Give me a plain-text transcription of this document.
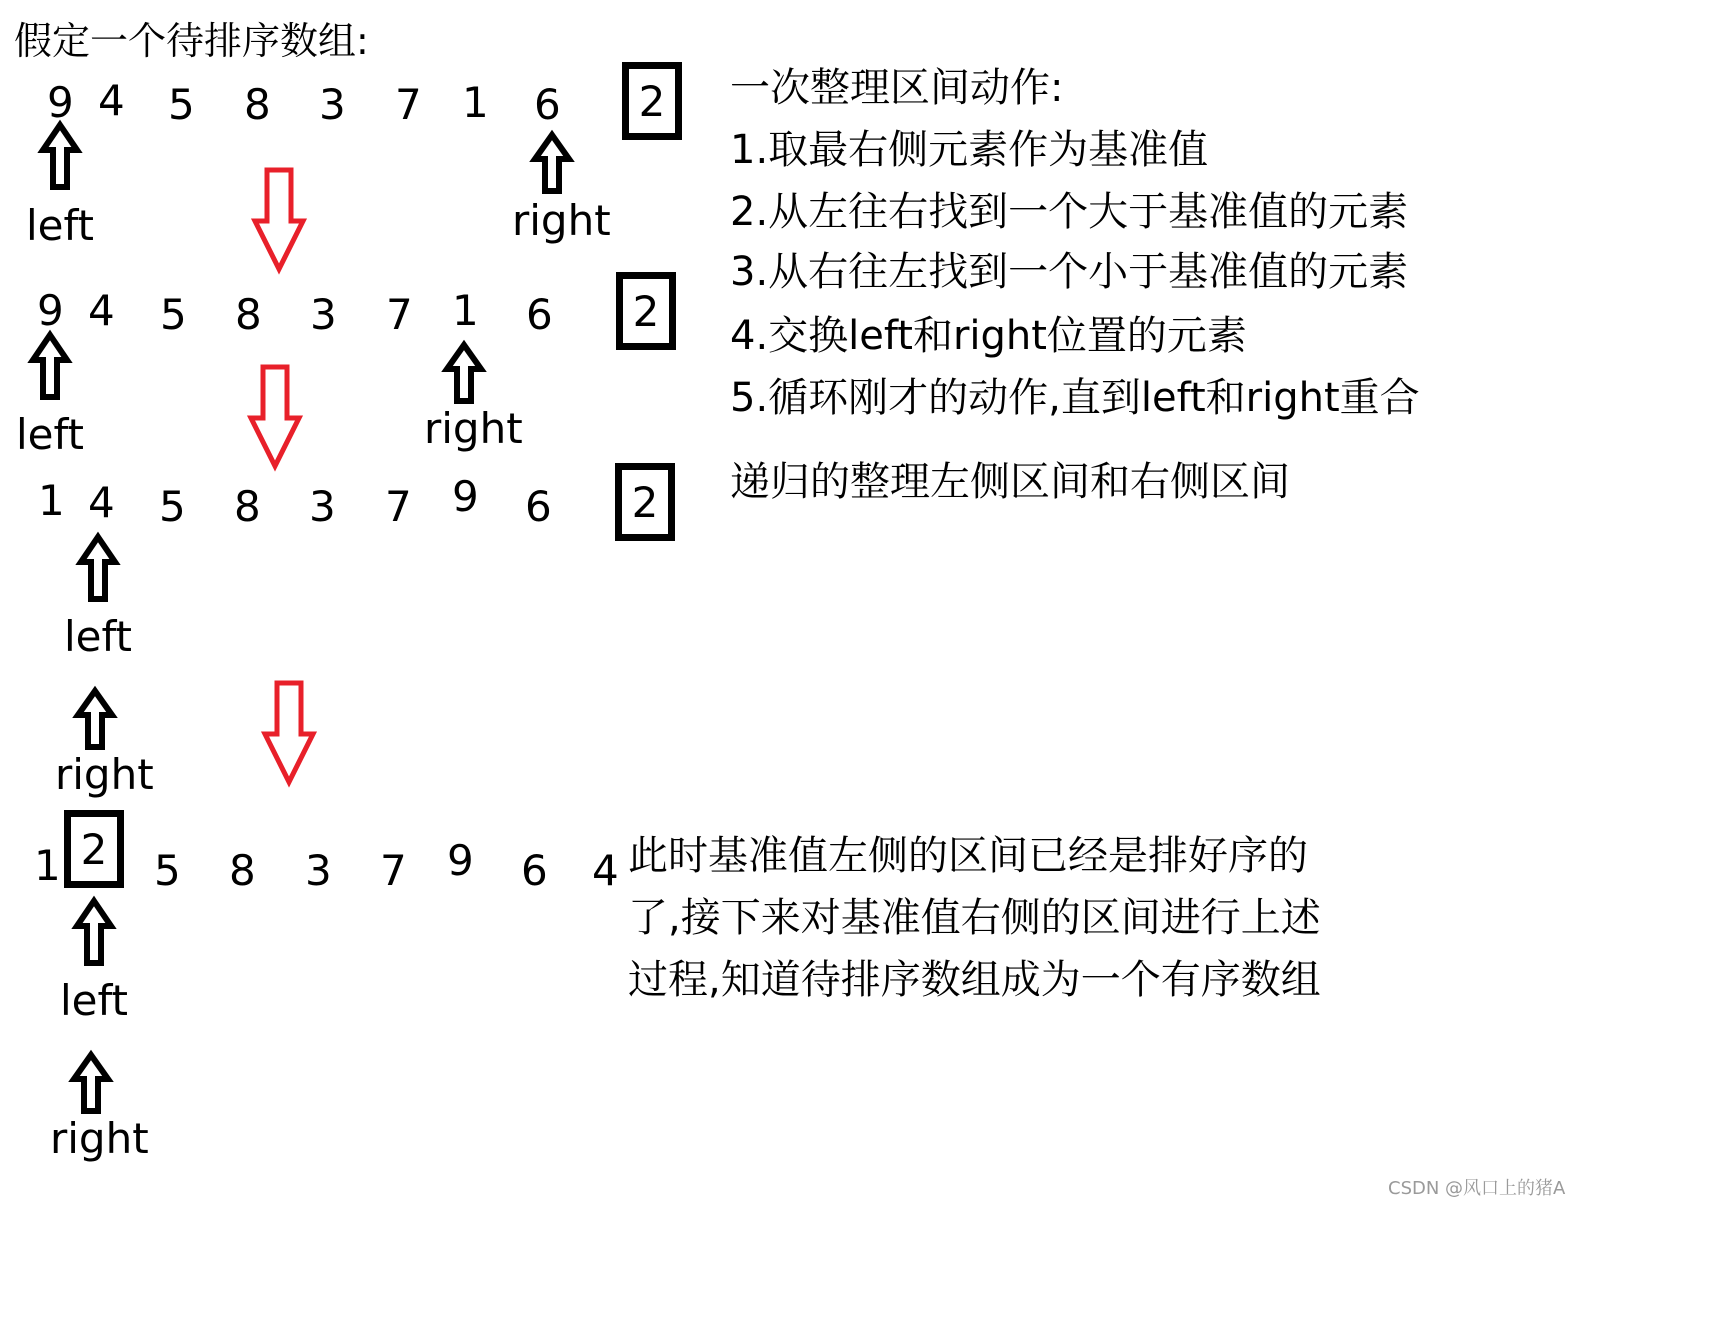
假定一个待排序数组:
9 4 5 8 3 7 1 6 2
left	right
9 4 5 8 3 7 1 6 2
left	right
1 4 5 8 3 7 9 6 2
left
right
1 2 5 8 3 7 9 6 4
left
right
一次整理区间动作:
1.取最右侧元素作为基准值
2.从左往右找到一个大于基准值的元素
3.从右往左找到一个小于基准值的元素
4.交换left和right位置的元素
5.循环刚才的动作,直到left和right重合
递归的整理左侧区间和右侧区间
此时基准值左侧的区间已经是排好序的
了,接下来对基准值右侧的区间进行上述
过程,知道待排序数组成为一个有序数组
CSDN @风口上的猪A
